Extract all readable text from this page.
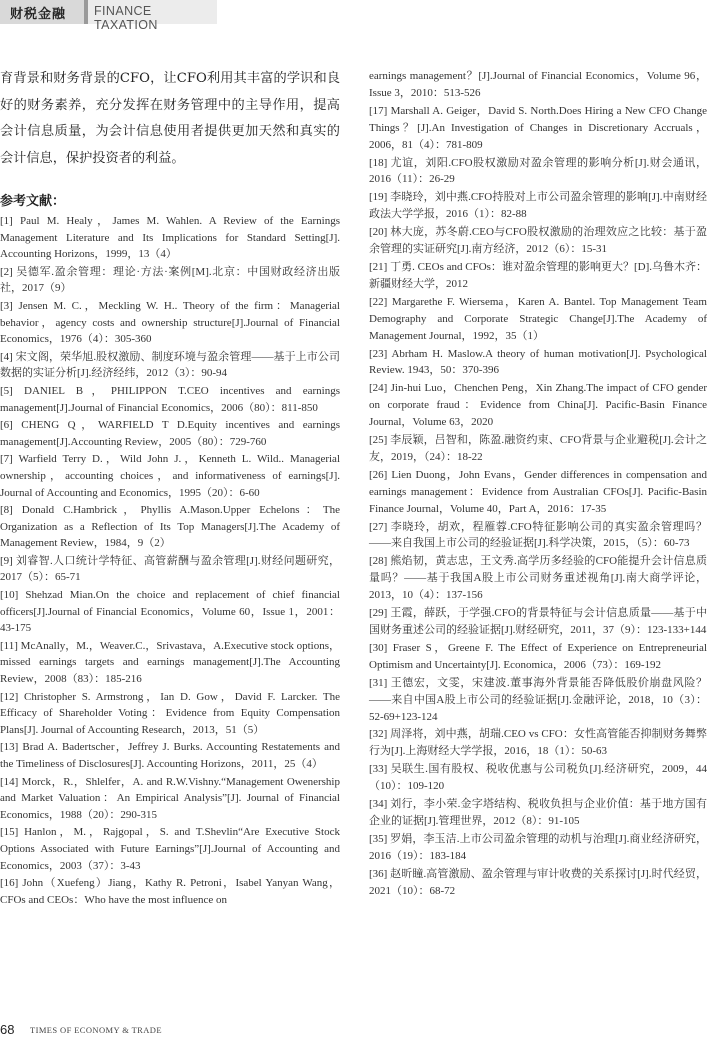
财税金融 FINANCE TAXATION

育背景和财务背景的CFO，让CFO利用其丰富的学识和良好的财务素养，充分发挥在财务管理中的主导作用，提高会计信息质量，为会计信息使用者提供更加天然和真实的会计信息，保护投资者的利益。

参考文献：

[1] Paul M. Healy，James M. Wahlen. A Review of the Earnings Management Literature and Its Implications for Standard Setting[J]. Accounting Horizons，1999，13（4）

[2] 吴德军.盈余管理：理论·方法·案例[M].北京：中国财政经济出版社，2017（9）

[3] Jensen M. C.，Meckling W. H.. Theory of the firm：Managerial behavior，agency costs and ownership structure[J].Journal of Financial Economics，1976（4）：305-360

[4] 宋文阁，荣华旭.股权激励、制度环境与盈余管理——基于上市公司数据的实证分析[J].经济经纬，2012（3）：90-94

[5] DANIEL B，PHILIPPON T.CEO incentives and earnings management[J].Journal of Financial Economics，2006（80）：811-850

[6] CHENG Q，WARFIELD T D.Equity incentives and earnings management[J].Accounting Review，2005（80）：729-760

[7] Warfield Terry D.，Wild John J.，Kenneth L. Wild.. Managerial ownership，accounting choices，and informativeness of earnings[J]. Journal of Accounting and Economics，1995（20）：6-60

[8] Donald C.Hambrick，Phyllis A.Mason.Upper Echelons：The Organization as a Reflection of Its Top Managers[J].The Academy of Management Review，1984，9（2）

[9] 刘睿智.人口统计学特征、高管薪酬与盈余管理[J].财经问题研究，2017（5）：65-71

[10] Shehzad Mian.On the choice and replacement of chief financial officers[J].Journal of Financial Economics，Volume 60，Issue 1，2001：43-175

[11] McAnally，M.，Weaver.C.，Srivastava，A.Executive stock options，missed earnings targets and earnings management[J].The Accounting Review，2008（83）：185-216

[12] Christopher S. Armstrong，Ian D. Gow，David F. Larcker. The Efficacy of Shareholder Voting：Evidence from Equity Compensation Plans[J]. Journal of Accounting Research，2013，51（5）

[13] Brad A. Badertscher，Jeffrey J. Burks. Accounting Restatements and the Timeliness of Disclosures[J]. Accounting Horizons，2011，25（4）

[14] Morck，R.，Shlelfer，A. and R.W.Vishny.“Management Owenership and Market Valuation：An Empirical Analysis”[J]. Journal of Financial Economics，1988（20）：290-315

[15] Hanlon，M.，Rajgopal，S. and T.Shevlin“Are Executive Stock Options Associated with Future Earnings”[J].Journal of Accounting and Economics，2003（37）：3-43

[16] John（Xuefeng）Jiang，Kathy R. Petroni，Isabel Yanyan Wang，CFOs and CEOs：Who have the most influence on

earnings management？[J].Journal of Financial Economics，Volume 96，Issue 3，2010：513-526

[17] Marshall A. Geiger，David S. North.Does Hiring a New CFO Change Things？[J].An Investigation of Changes in Discretionary Accruals，2006，81（4）：781-809

[18] 尤谊，刘阳.CFO股权激励对盈余管理的影响分析[J].财会通讯，2016（11）：26-29

[19] 李晓玲，刘中燕.CFO持股对上市公司盈余管理的影响[J].中南财经政法大学学报，2016（1）：82-88

[20] 林大庞，苏冬蔚.CEO与CFO股权激励的治理效应之比较：基于盈余管理的实证研究[J].南方经济，2012（6）：15-31

[21] 丁勇. CEOs and CFOs：谁对盈余管理的影响更大？[D].乌鲁木齐：新疆财经大学，2012

[22] Margarethe F. Wiersema，Karen A. Bantel. Top Management Team Demography and Corporate Strategic Change[J].The Academy of Management Journal，1992，35（1）

[23] Abrham H. Maslow.A theory of human motivation[J]. Psychological Review. 1943，50：370-396

[24] Jin-hui Luo，Chenchen Peng，Xin Zhang.The impact of CFO gender on corporate fraud：Evidence from China[J]. Pacific-Basin Finance Journal，Volume 63，2020

[25] 李辰颖，吕智和，陈盈.融资约束、CFO背景与企业避税[J].会计之友，2019，（24）：18-22

[26] Lien Duong，John Evans，Gender differences in compensation and earnings management：Evidence from Australian CFOs[J]. Pacific-Basin Finance Journal，Volume 40，Part A，2016：17-35

[27] 李晓玲，胡欢，程雁蓉.CFO特征影响公司的真实盈余管理吗？——来自我国上市公司的经验证据[J].科学决策，2015，（5）：60-73

[28] 熊焰韧，黄志忠，王文秀.高学历多经验的CFO能提升会计信息质量吗？——基于我国A股上市公司财务重述视角[J].南大商学评论，2013，10（4）：137-156

[29] 王霞，薛跃，于学强.CFO的背景特征与会计信息质量——基于中国财务重述公司的经验证据[J].财经研究，2011，37（9）：123-133+144

[30] Fraser S，Greene F. The Effect of Experience on Entrepreneurial Optimism and Uncertainty[J]. Economica，2006（73）：169-192

[31] 王德宏，文雯，宋建波.董事海外背景能否降低股价崩盘风险？——来自中国A股上市公司的经验证据[J].金融评论，2018，10（3）：52-69+123-124

[32] 周泽将，刘中燕，胡瑞.CEO vs CFO：女性高管能否抑制财务舞弊行为[J].上海财经大学学报，2016，18（1）：50-63

[33] 吴联生.国有股权、税收优惠与公司税负[J].经济研究，2009，44（10）：109-120

[34] 刘行，李小荣.金字塔结构、税收负担与企业价值：基于地方国有企业的证据[J].管理世界，2012（8）：91-105

[35] 罗娟，李玉洁.上市公司盈余管理的动机与治理[J].商业经济研究，2016（19）：183-184

[36] 赵昕瞳.高管激励、盈余管理与审计收费的关系探讨[J].时代经贸，2021（10）：68-72

68 TIMES OF ECONOMY & TRADE
